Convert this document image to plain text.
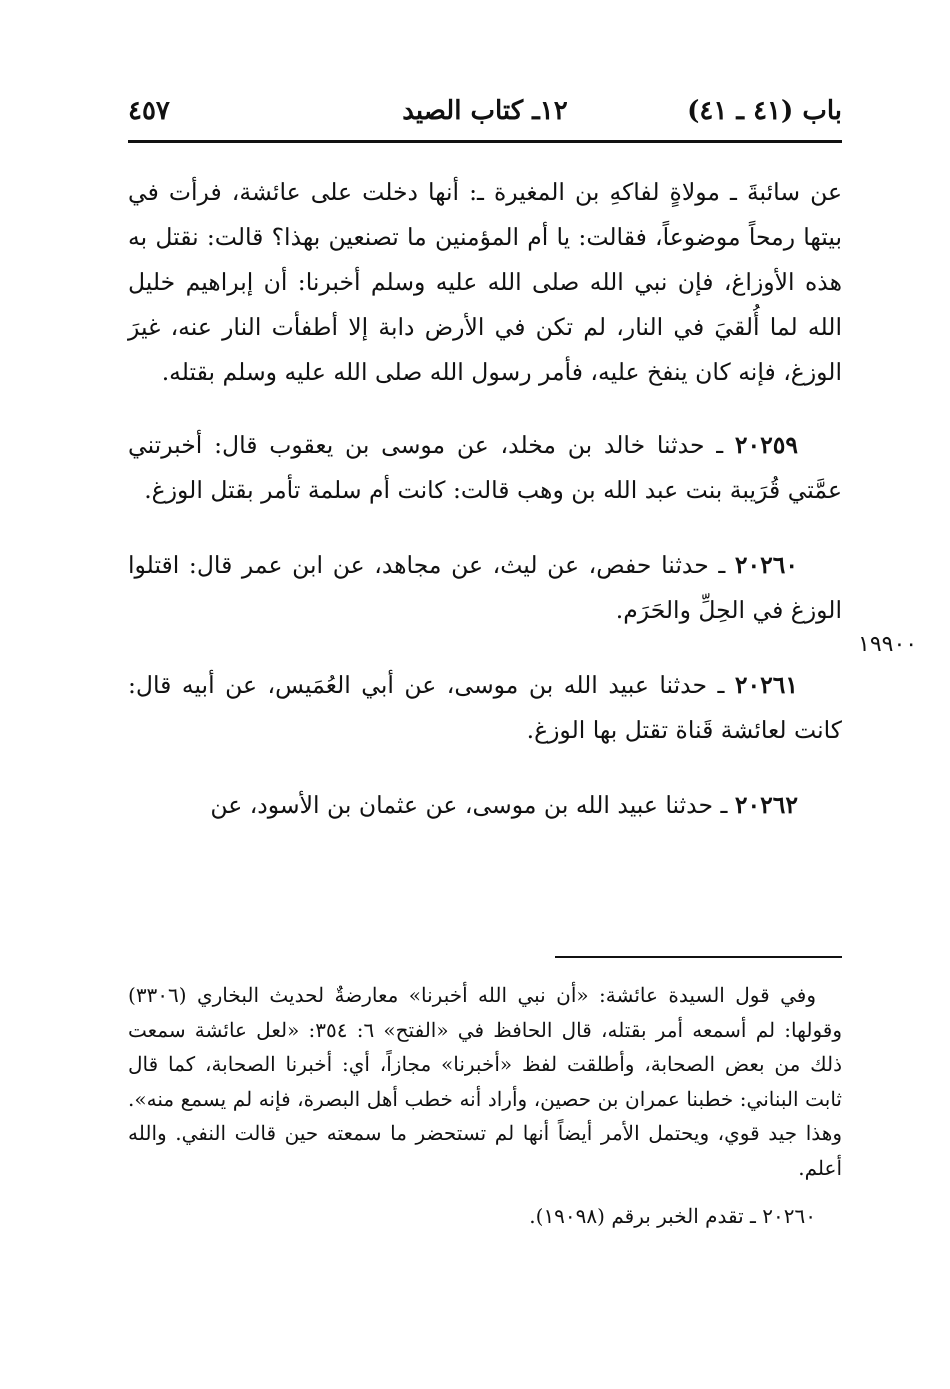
باب (٤١ ـ ٤١)
١٢ـ كتاب الصيد
٤٥٧

عن سائبةَ ـ مولاةٍ لفاكهِ بن المغيرة ـ: أنها دخلت على عائشة، فرأت في بيتها رمحاً موضوعاً، فقالت: يا أم المؤمنين ما تصنعين بهذا؟ قالت: نقتل به هذه الأوزاغ، فإن نبي الله صلى الله عليه وسلم أخبرنا: أن إبراهيم خليل الله لما أُلقيَ في النار، لم تكن في الأرض دابة إلا أطفأت النار عنه، غيرَ الوزغ، فإنه كان ينفخ عليه، فأمر رسول الله صلى الله عليه وسلم بقتله.

٢٠٢٥٩ ـ حدثنا خالد بن مخلد، عن موسى بن يعقوب قال: أخبرتني عمَّتي قُرَيبة بنت عبد الله بن وهب قالت: كانت أم سلمة تأمر بقتل الوزغ.

٢٠٢٦٠ ـ حدثنا حفص، عن ليث، عن مجاهد، عن ابن عمر قال: اقتلوا الوزغ في الحِلِّ والحَرَم.

٢٠٢٦١ ـ حدثنا عبيد الله بن موسى، عن أبي العُمَيس، عن أبيه قال: كانت لعائشة قَناة تقتل بها الوزغ.

٢٠٢٦٢ ـ حدثنا عبيد الله بن موسى، عن عثمان بن الأسود، عن

١٩٩٠٠

وفي قول السيدة عائشة: «أن نبي الله أخبرنا» معارضةٌ لحديث البخاري (٣٣٠٦) وقولها: لم أسمعه أمر بقتله، قال الحافظ في «الفتح» ٦: ٣٥٤: «لعل عائشة سمعت ذلك من بعض الصحابة، وأطلقت لفظ «أخبرنا» مجازاً، أي: أخبرنا الصحابة، كما قال ثابت البناني: خطبنا عمران بن حصين، وأراد أنه خطب أهل البصرة، فإنه لم يسمع منه». وهذا جيد قوي، ويحتمل الأمر أيضاً أنها لم تستحضر ما سمعته حين قالت النفي. والله أعلم.

٢٠٢٦٠ ـ تقدم الخبر برقم (١٩٠٩٨).
